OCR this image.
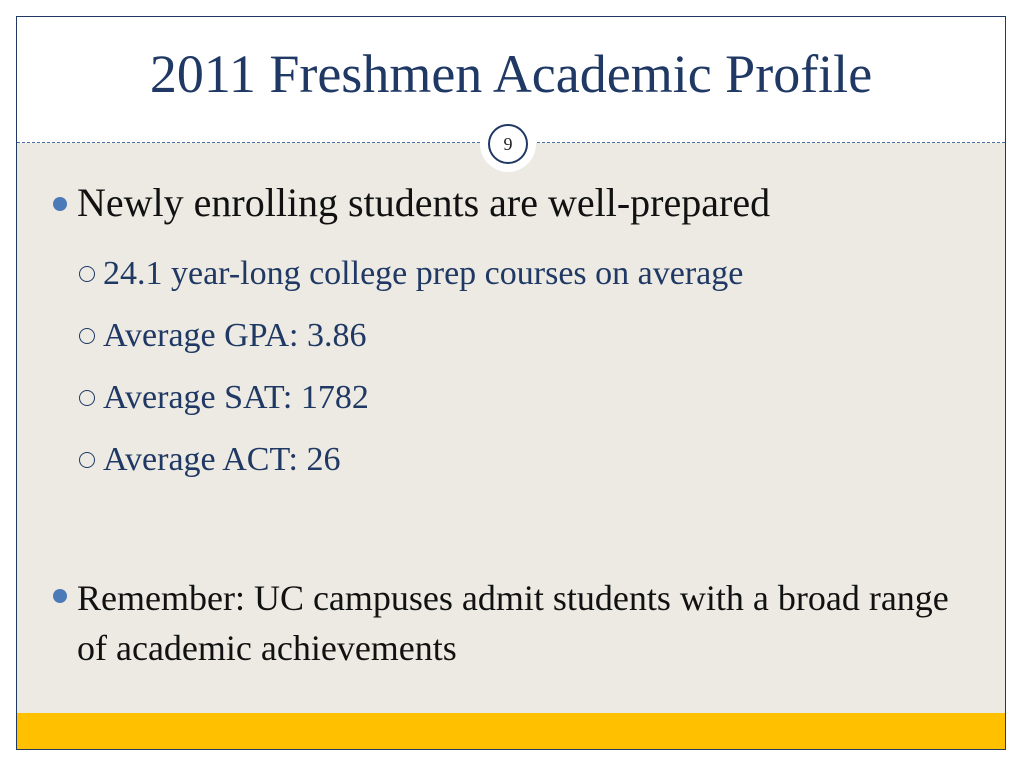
2011 Freshmen Academic Profile
9
Newly enrolling students are well-prepared
24.1 year-long college prep courses on average
Average GPA: 3.86
Average SAT: 1782
Average ACT: 26
Remember: UC campuses admit students with a broad range of academic achievements
